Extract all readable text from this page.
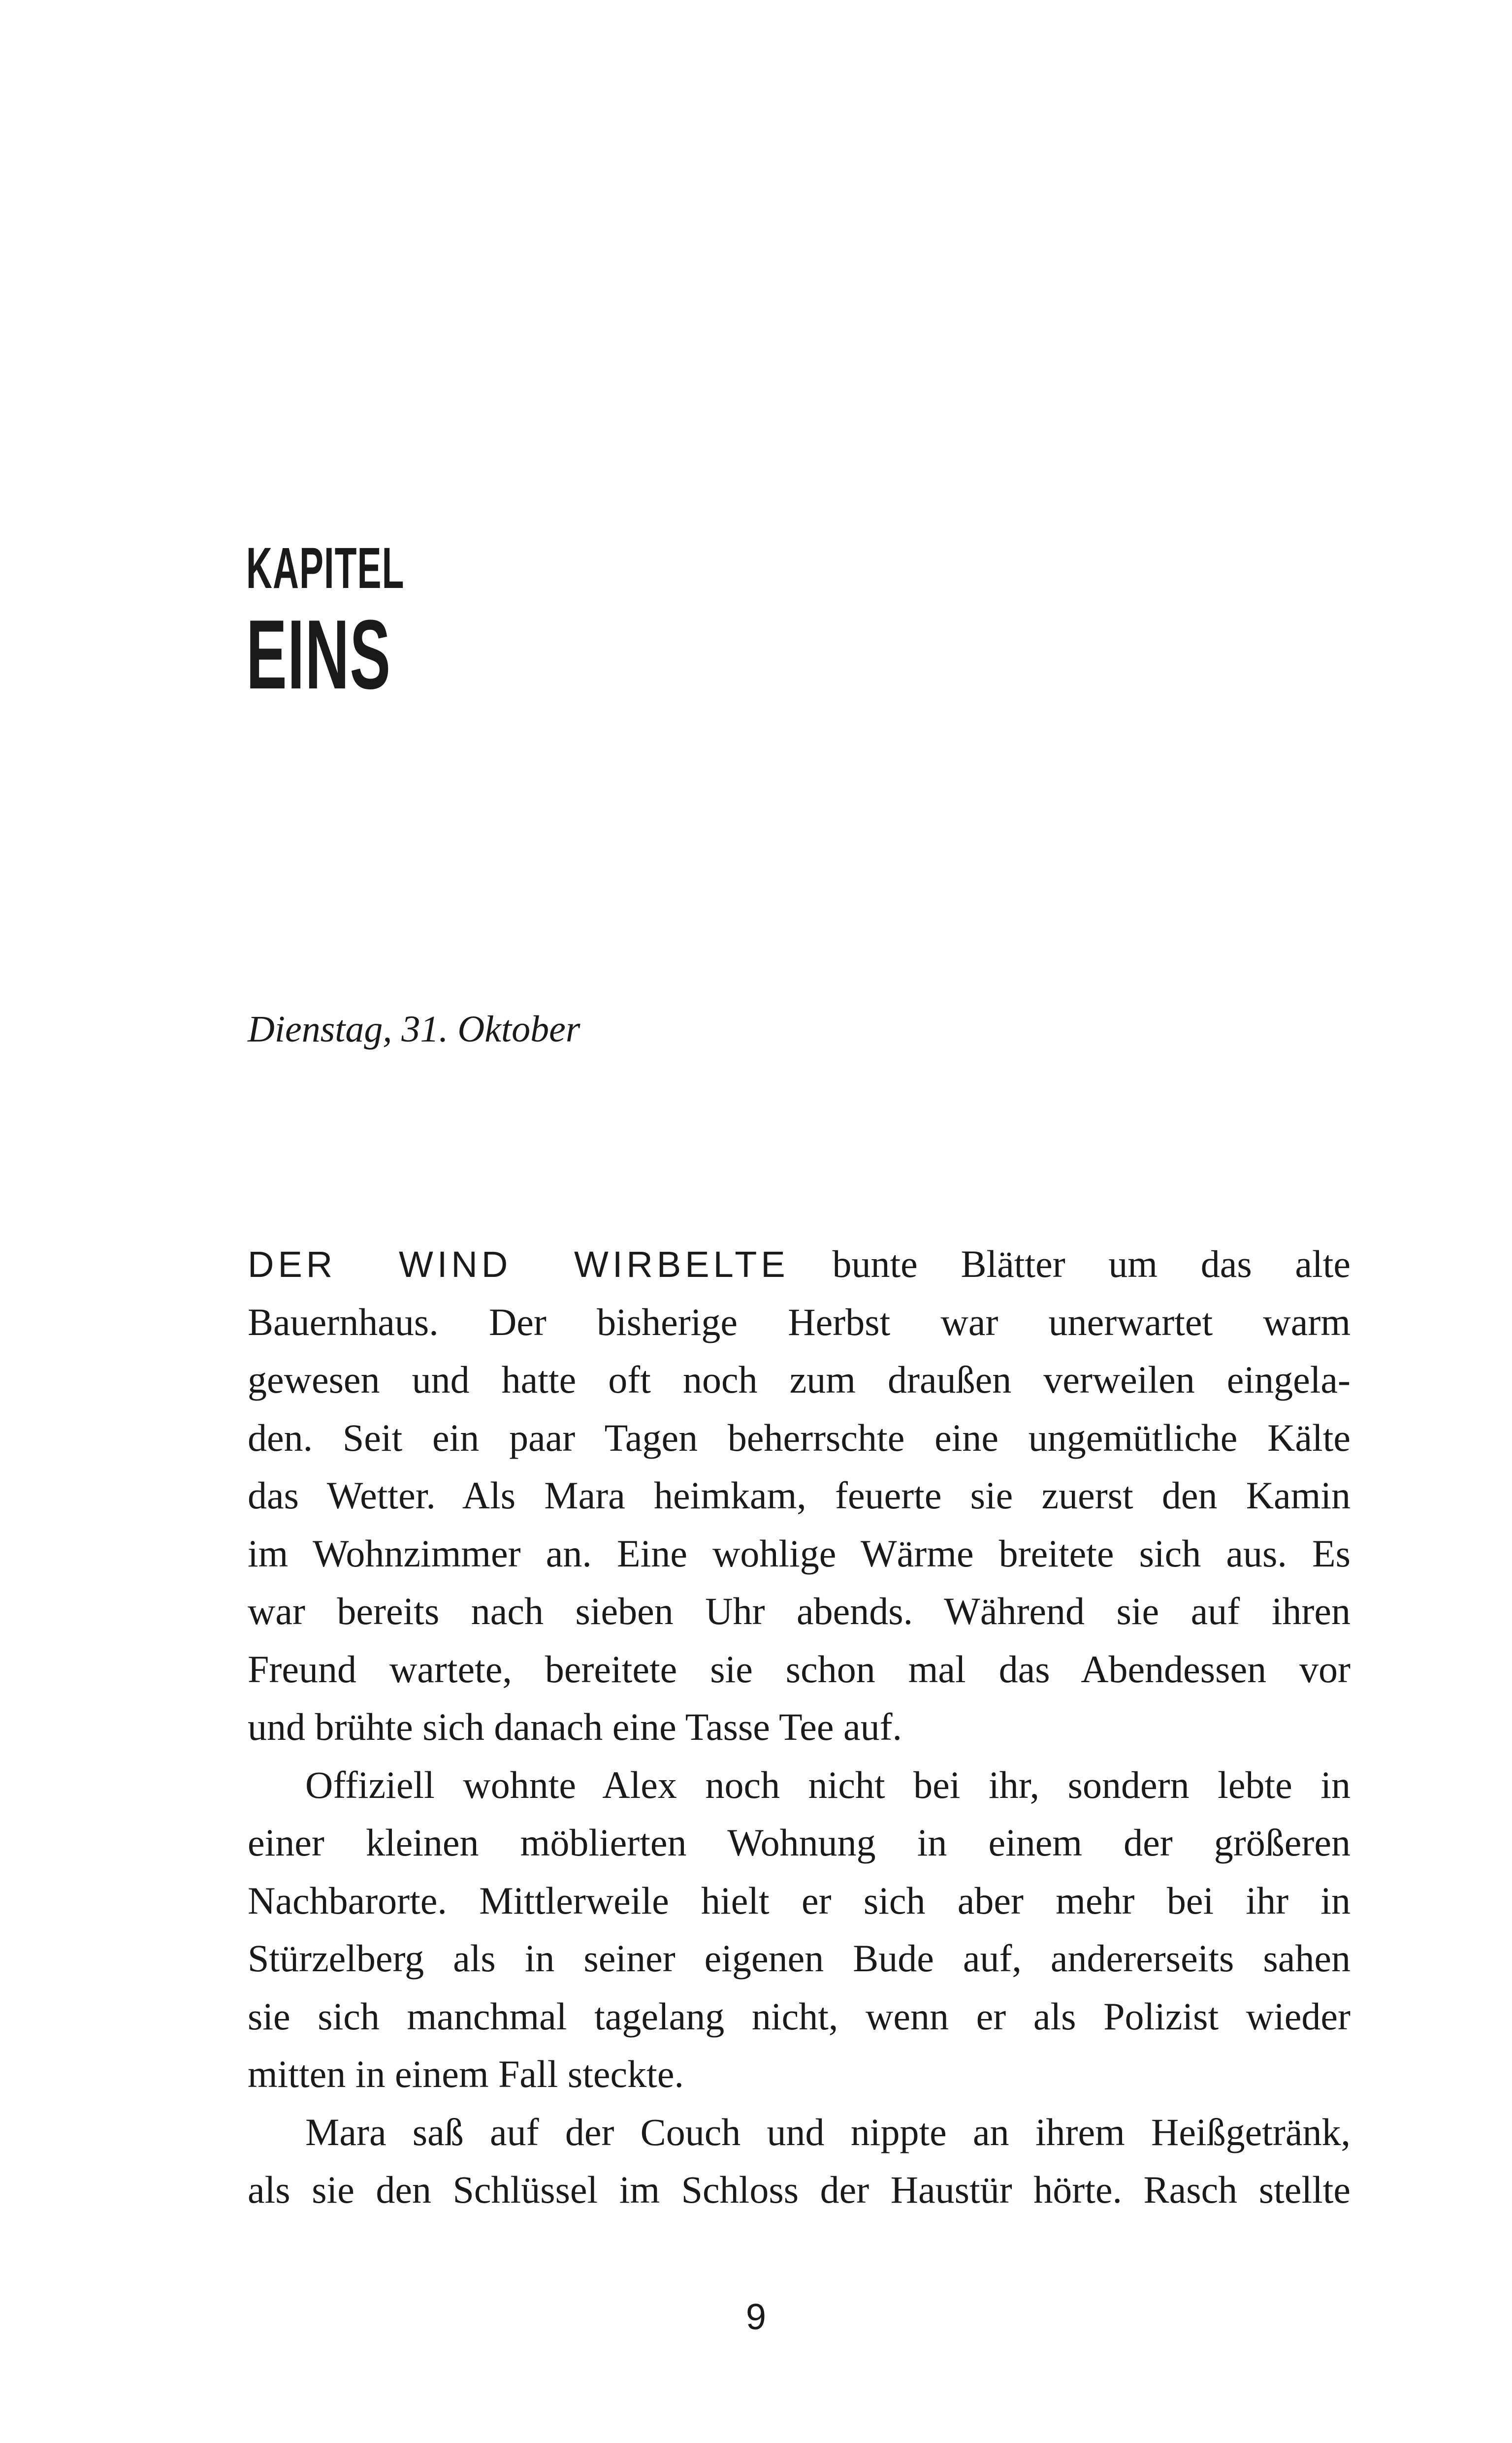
KAPITEL
EINS
Dienstag, 31. Oktober
DER WIND WIRBELTE bunte Blätter um das alte
Bauernhaus. Der bisherige Herbst war unerwartet warm
gewesen und hatte oft noch zum draußen verweilen eingela-
den. Seit ein paar Tagen beherrschte eine ungemütliche Kälte
das Wetter. Als Mara heimkam, feuerte sie zuerst den Kamin
im Wohnzimmer an. Eine wohlige Wärme breitete sich aus. Es
war bereits nach sieben Uhr abends. Während sie auf ihren
Freund wartete, bereitete sie schon mal das Abendessen vor
und brühte sich danach eine Tasse Tee auf.
Offiziell wohnte Alex noch nicht bei ihr, sondern lebte in
einer kleinen möblierten Wohnung in einem der größeren
Nachbarorte. Mittlerweile hielt er sich aber mehr bei ihr in
Stürzelberg als in seiner eigenen Bude auf, andererseits sahen
sie sich manchmal tagelang nicht, wenn er als Polizist wieder
mitten in einem Fall steckte.
Mara saß auf der Couch und nippte an ihrem Heißgetränk,
als sie den Schlüssel im Schloss der Haustür hörte. Rasch stellte
9
